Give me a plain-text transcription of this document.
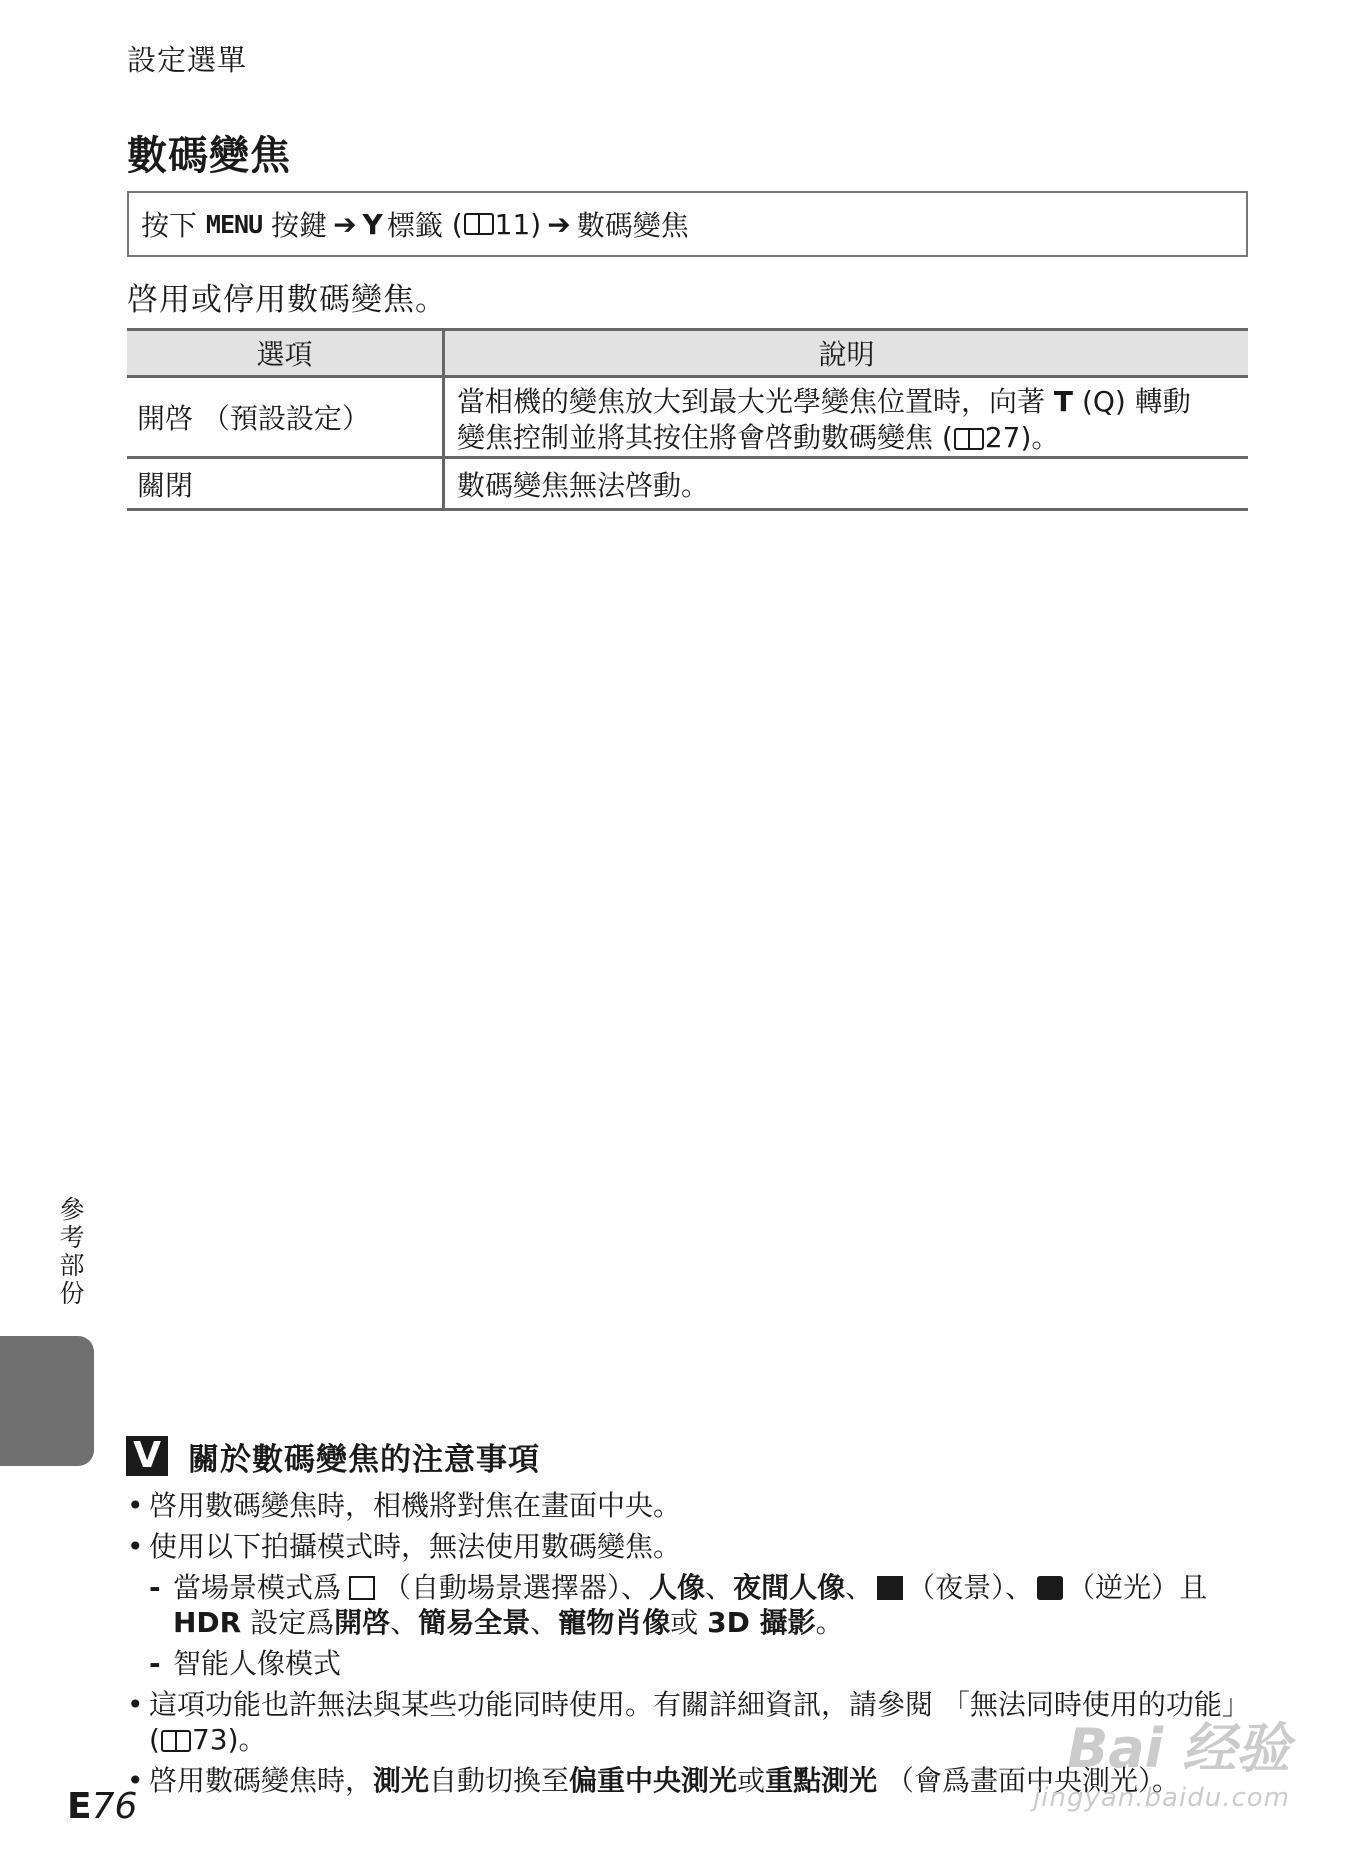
設定選單
數碼變焦
按下
MENU
按鍵 ➔ Y 標籤
( 11) ➔ 數碼變焦
啓用或停用數碼變焦。
選項	說明
開啓 （預設設定）
當相機的變焦放大到最大光學變焦位置時，向著 T (Q) 轉動
變焦控制並將其按住將會啓動數碼變焦 ( 27)。
關閉	數碼變焦無法啓動。
參考部份
V 關於數碼變焦的注意事項
• 啓用數碼變焦時，相機將對焦在畫面中央。
• 使用以下拍攝模式時，無法使用數碼變焦。
- 當場景模式爲 （自動場景選擇器）、人像、夜間人像、 （夜景）、 （逆光）且
HDR 設定爲開啓、簡易全景、寵物肖像或 3D 攝影。
- 智能人像模式
• 這項功能也許無法與某些功能同時使用。有關詳細資訊，請參閱 「無法同時使用的功能」
( 73)。
• 啓用數碼變焦時，測光自動切換至偏重中央測光或重點測光 （會爲畫面中央測光）。
E76
Bai 经验
jingyan.baidu.com
